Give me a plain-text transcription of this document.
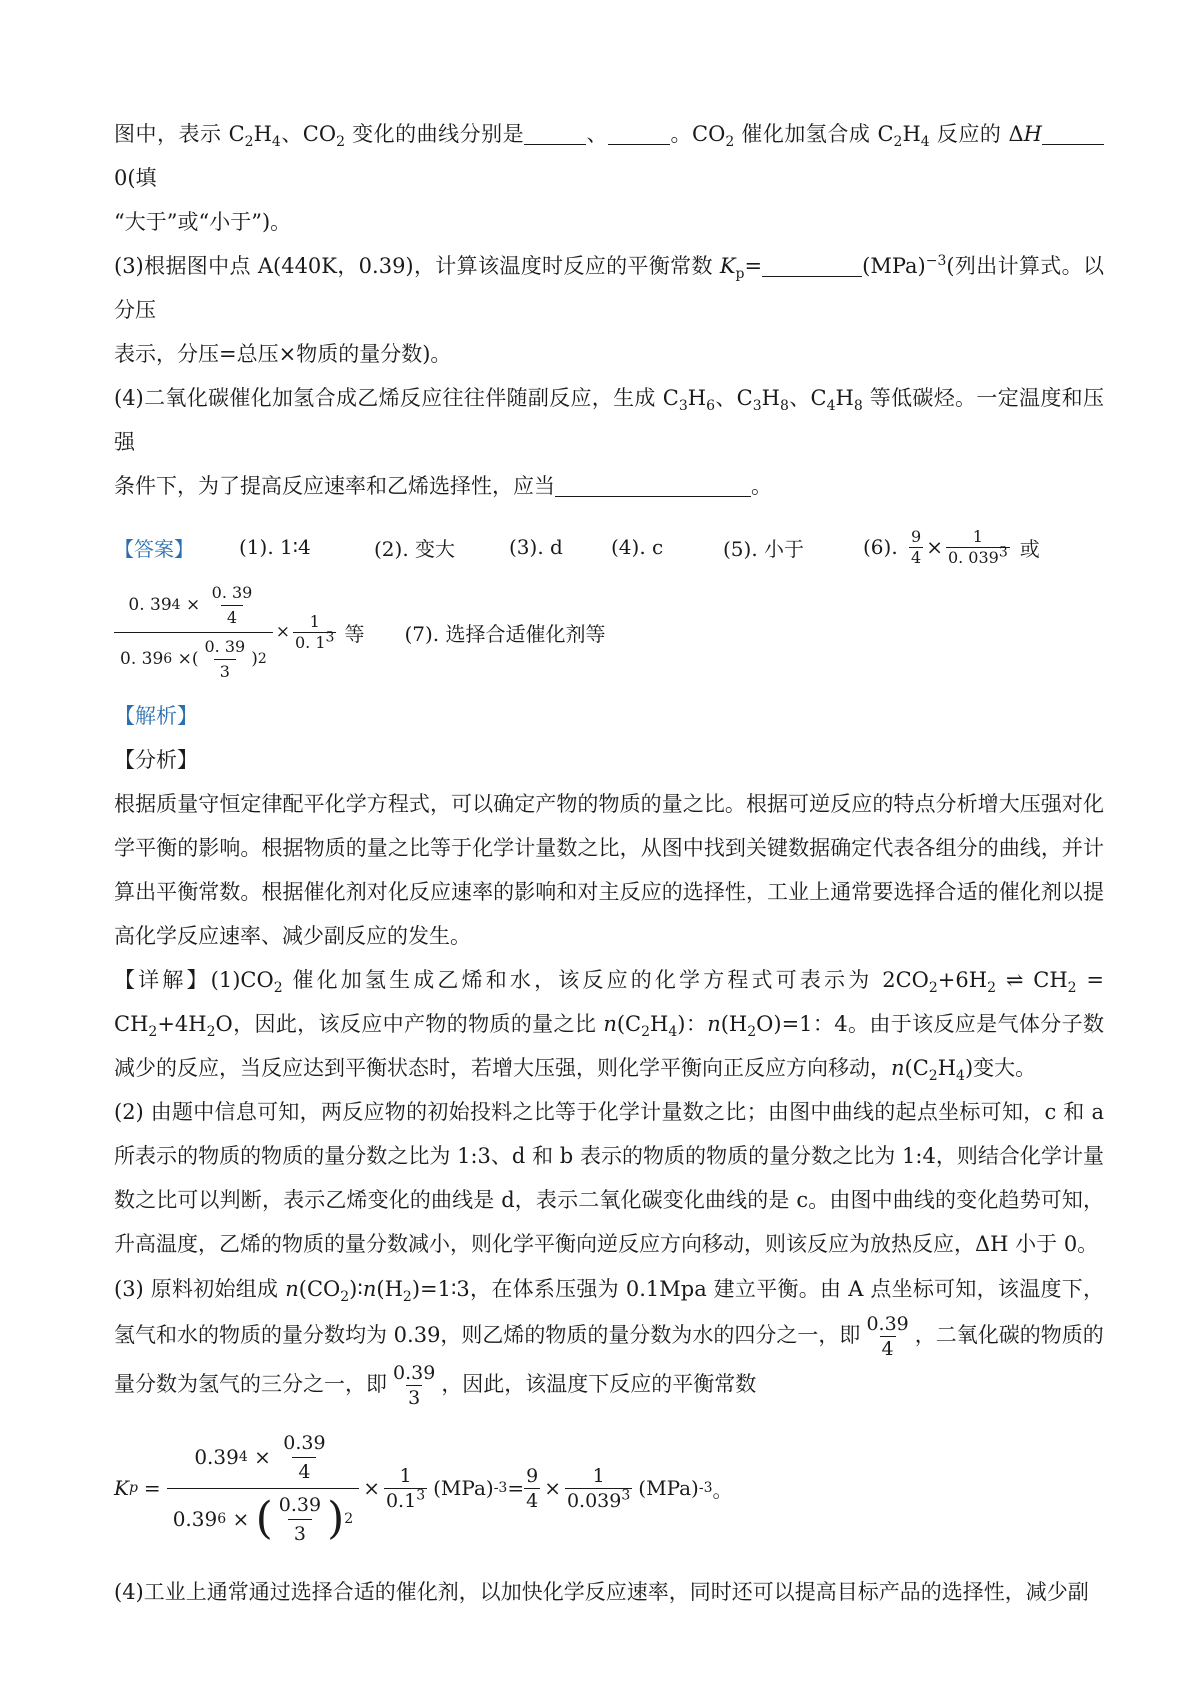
图中，表示 $C_2H_4$、$CO_2$ 变化的曲线分别是	、	。$CO_2$ 催化加氢合成 $C_2H_4$ 反应的 ΔH0(填

“大于”或“小于”)。

(3)根据图中点 A(440K，0.39)，计算该温度时反应的平衡常数 $K_p=$	(MPa)$^{-3}$(列出计算式。以分压

表示，分压=总压×物质的量分数)。

(4)二氧化碳催化加氢合成乙烯反应往往伴随副反应，生成 $C_3H_6$、$C_3H_8$、$C_4H_8$ 等低碳烃。一定温度和压强

条件下，为了提高反应速率和乙烯选择性，应当	。

【答案】	(1). 1∶4	(2). 变大	(3). d	(4). c	(5). 小于	(6). $\frac{9}{4} \times \frac{1}{0. 039^3}$ 或
$\frac{0. 39 4 \times \frac{0. 39}{4}}{0. 39 6 \times( \frac{0. 39}{3} ) 2} \times \frac{1}{0. 1^3}$ 等 (7). 选择合适催化剂等

【解析】

【分析】

根据质量守恒定律配平化学方程式，可以确定产物的物质的量之比。根据可逆反应的特点分析增大压强对化学平衡的影响。根据物质的量之比等于化学计量数之比，从图中找到关键数据确定代表各组分的曲线，并计算出平衡常数。根据催化剂对化反应速率的影响和对主反应的选择性，工业上通常要选择合适的催化剂以提高化学反应速率、减少副反应的发生。

【详解】$(1)CO_2$ 催化加氢生成乙烯和水，该反应的化学方程式可表示为 $2CO_2+6H_2$ ⇌ $CH_2 = CH_2+4H_2O$，因此，该反应中产物的物质的量之比 $n(C_2H_4)$：$n(H_2O)=1$：4。由于该反应是气体分子数减少的反应，当反应达到平衡状态时，若增大压强，则化学平衡向正反应方向移动，$n(C_2H_4)$变大。

(2) 由题中信息可知，两反应物的初始投料之比等于化学计量数之比；由图中曲线的起点坐标可知，c 和 a 所表示的物质的物质的量分数之比为 1:3、d 和 b 表示的物质的物质的量分数之比为 1:4，则结合化学计量数之比可以判断，表示乙烯变化的曲线是 d，表示二氧化碳变化曲线的是 c。由图中曲线的变化趋势可知，升高温度，乙烯的物质的量分数减小，则化学平衡向逆反应方向移动，则该反应为放热反应，ΔH 小于 0。

(3) 原料初始组成 $n(CO_2)∶n(H_2)=1∶3$，在体系压强为 0.1Mpa 建立平衡。由 A 点坐标可知，该温度下，氢气和水的物质的量分数均为 0.39，则乙烯的物质的量分数为水的四分之一，即 $\frac{0.39}{4}$ ，二氧化碳的物质的
量分数为氢气的三分之一，即 $\frac{0.39}{3}$ ，因此，该温度下反应的平衡常数

K $p = \frac{0.39 4 \times \frac{0.39}{4}}{0.39 6 \times ( \frac{0.39}{3} ) 2} \times \frac{1}{0.1^3} (MPa) -3 = \frac{9}{4} \times \frac{1}{0.039^3} (MPa)$ -3 。

(4)工业上通常通过选择合适的催化剂，以加快化学反应速率，同时还可以提高目标产品的选择性，减少副
